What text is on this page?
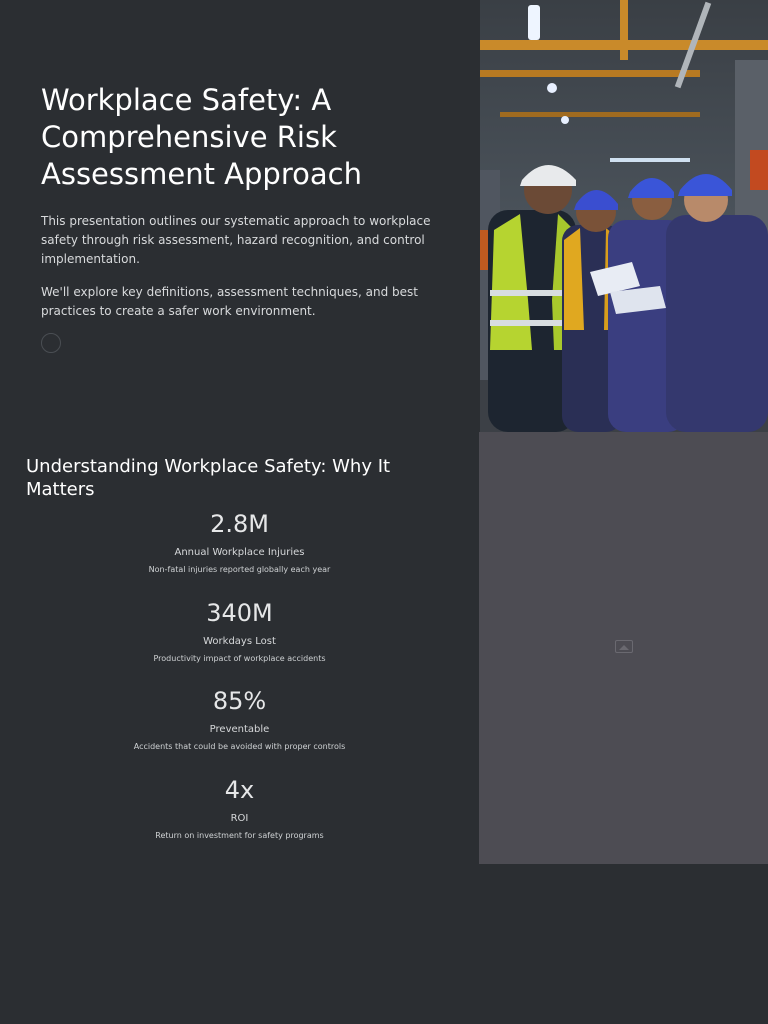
Workplace Safety: A Comprehensive Risk Assessment Approach

This presentation outlines our systematic approach to workplace safety through risk assessment, hazard recognition, and control implementation.

We'll explore key definitions, assessment techniques, and best practices to create a safer work environment.

Understanding Workplace Safety: Why It Matters
2.8M
Annual Workplace Injuries
Non-fatal injuries reported globally each year
340M
Workdays Lost
Productivity impact of workplace accidents
85%
Preventable
Accidents that could be avoided with proper controls
4x
ROI
Return on investment for safety programs
